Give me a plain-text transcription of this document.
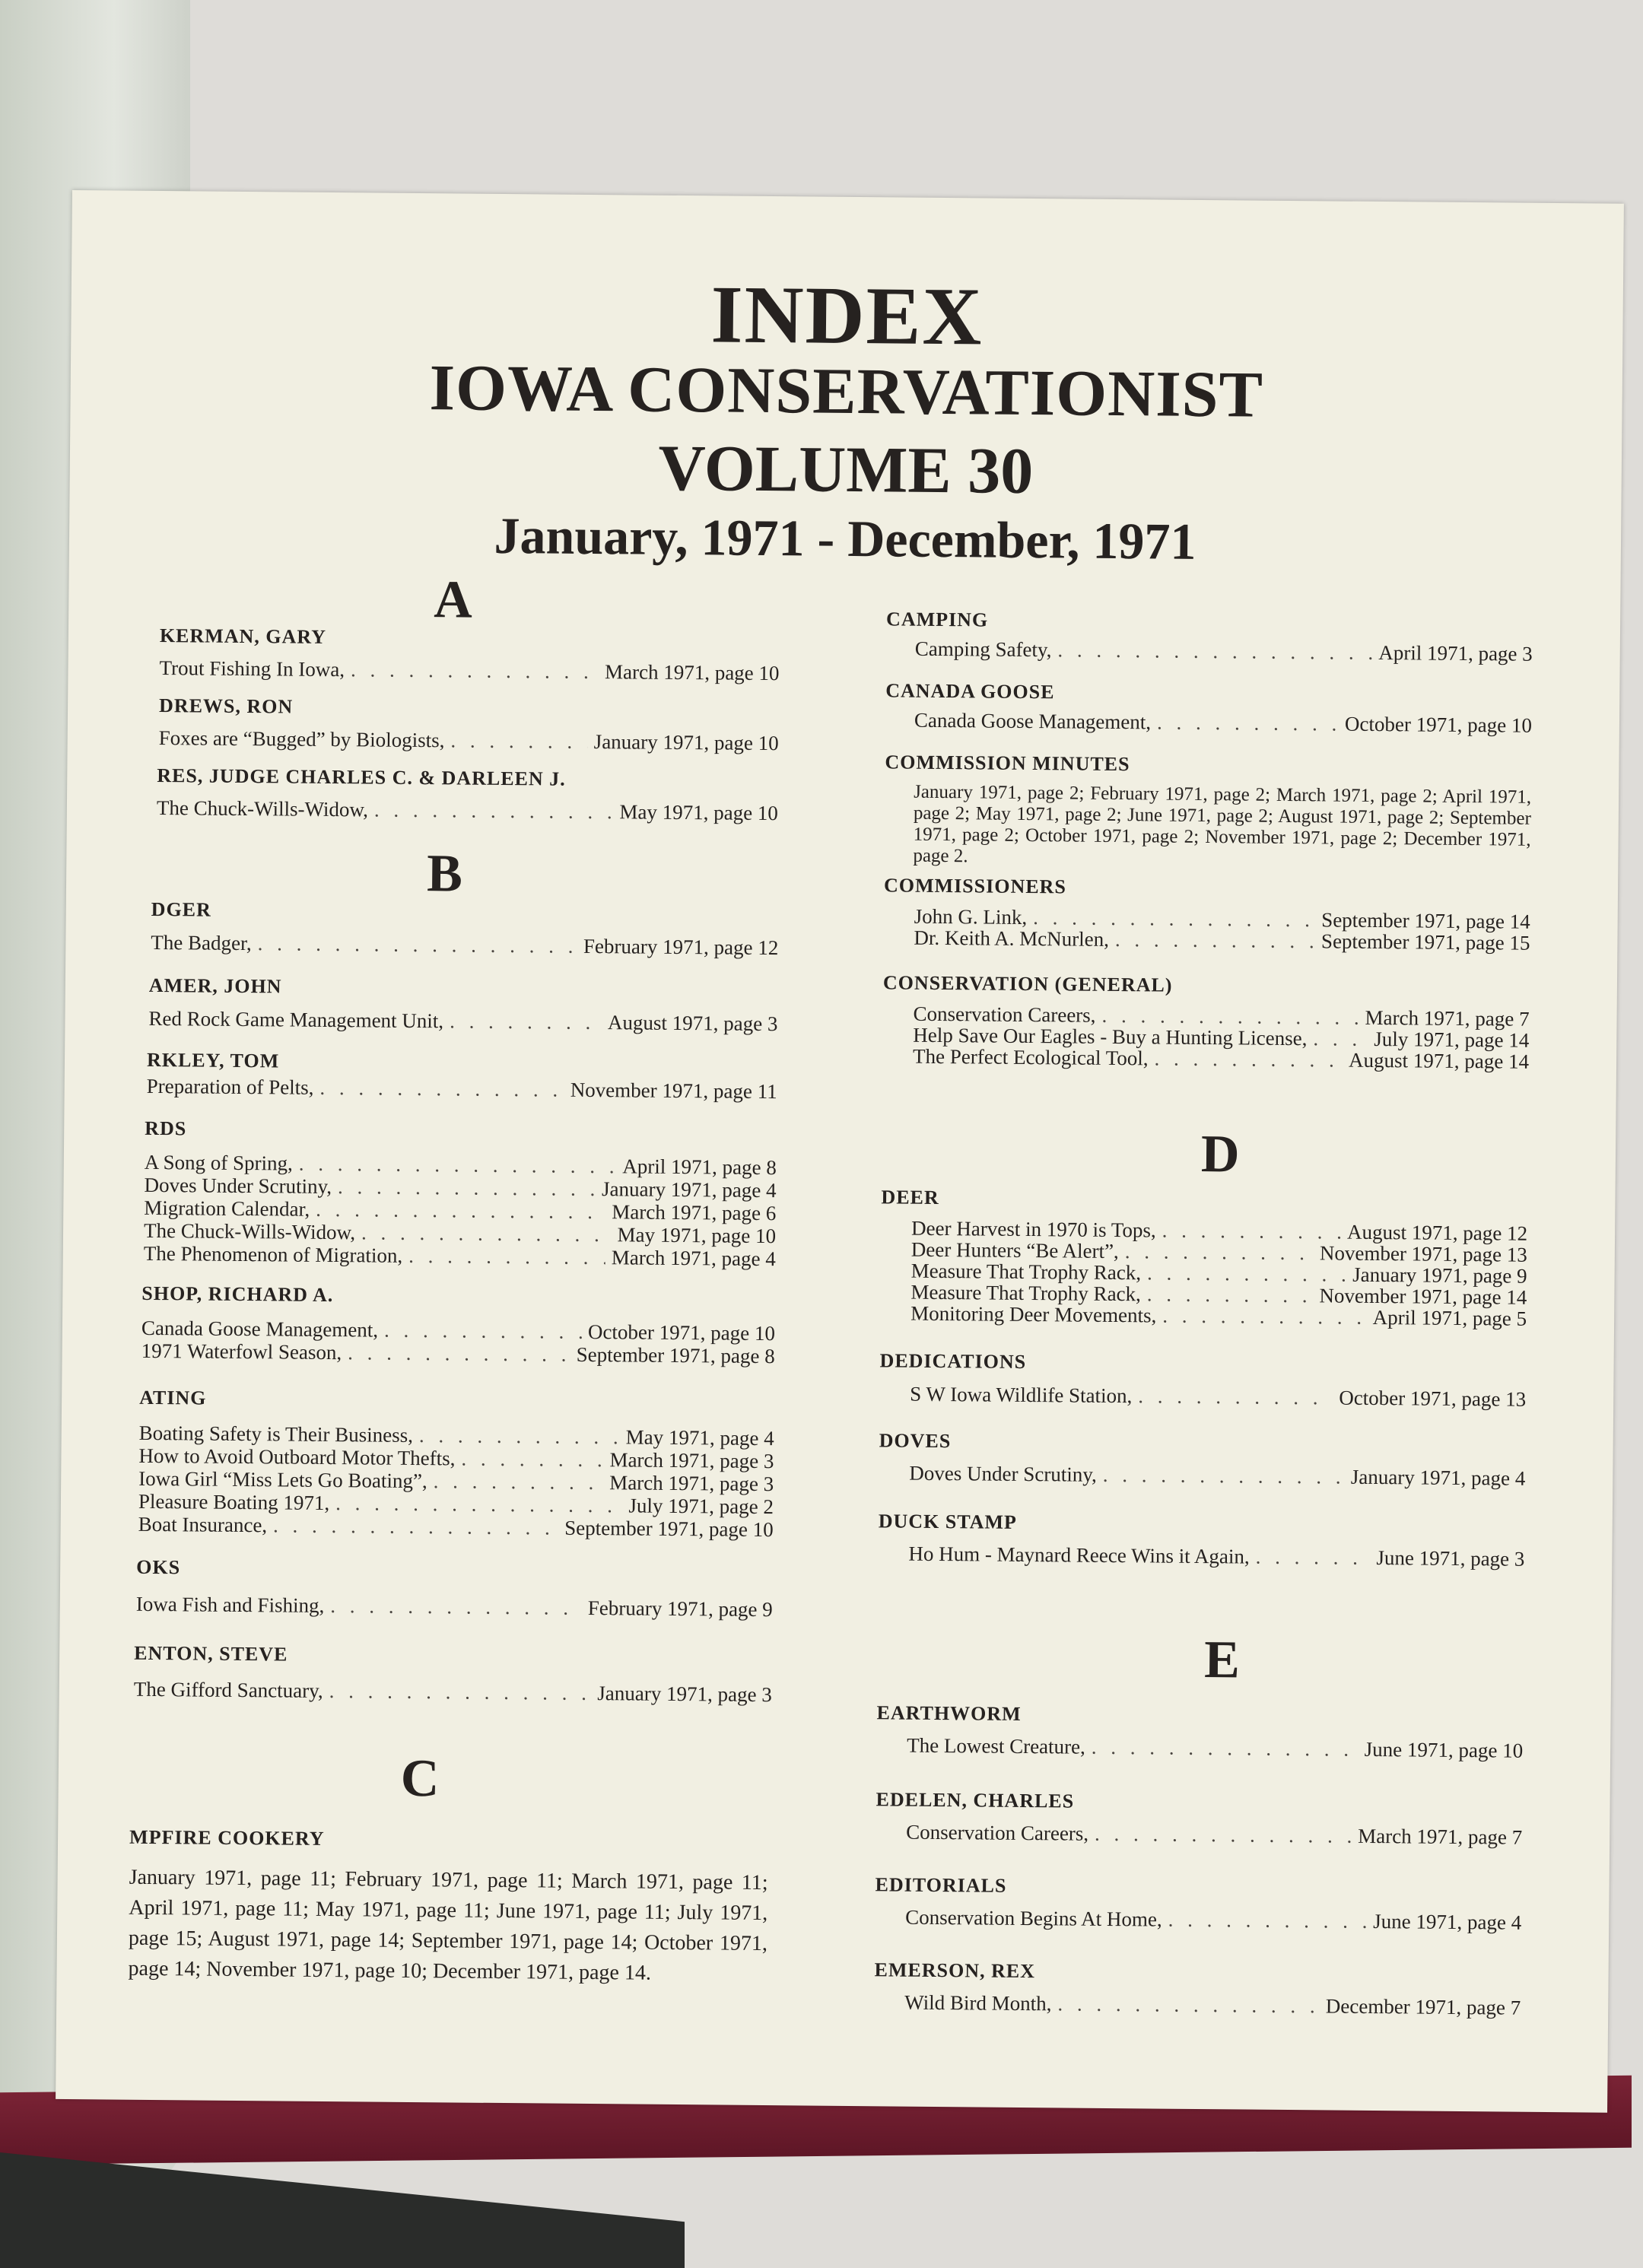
INDEX
IOWA CONSERVATIONIST
VOLUME 30
January, 1971 - December, 1971
A
KERMAN, GARY
Trout Fishing In Iowa, . . .	March 1971, page 10
DREWS, RON
Foxes are “Bugged” by Biologists, . . .	January 1971, page 10
RES, JUDGE CHARLES C. & DARLEEN J.
The Chuck-Wills-Widow, . . .	May 1971, page 10
B
DGER
The Badger, . . .	February 1971, page 12
AMER, JOHN
Red Rock Game Management Unit, . . .	August 1971, page 3
RKLEY, TOM
Preparation of Pelts, . . .	November 1971, page 11
RDS
A Song of Spring, . . .	April 1971, page 8
Doves Under Scrutiny, . . .	January 1971, page 4
Migration Calendar, . . .	March 1971, page 6
The Chuck-Wills-Widow, . . .	May 1971, page 10
The Phenomenon of Migration, . . .	March 1971, page 4
SHOP, RICHARD A.
Canada Goose Management, . . .	October 1971, page 10
1971 Waterfowl Season, . . .	September 1971, page 8
ATING
Boating Safety is Their Business, . . .	May 1971, page 4
How to Avoid Outboard Motor Thefts, . . .	March 1971, page 3
Iowa Girl “Miss Lets Go Boating”, . . .	March 1971, page 3
Pleasure Boating 1971, . . .	July 1971, page 2
Boat Insurance, . . .	September 1971, page 10
OKS
Iowa Fish and Fishing, . . .	February 1971, page 9
ENTON, STEVE
The Gifford Sanctuary, . . .	January 1971, page 3
C
MPFIRE COOKERY
January 1971, page 11; February 1971, page 11; March 1971, page 11; April 1971, page 11; May 1971, page 11; June 1971, page 11; July 1971, page 15; August 1971, page 14; September 1971, page 14; October 1971, page 14; November 1971, page 10; December 1971, page 14.
CAMPING
Camping Safety, . . .	April 1971, page 3
CANADA GOOSE
Canada Goose Management, . . .	October 1971, page 10
COMMISSION MINUTES
January 1971, page 2; February 1971, page 2; March 1971, page 2; April 1971, page 2; May 1971, page 2; June 1971, page 2; August 1971, page 2; September 1971, page 2; October 1971, page 2; November 1971, page 2; December 1971, page 2.
COMMISSIONERS
John G. Link, . . .	September 1971, page 14
Dr. Keith A. McNurlen, . . .	September 1971, page 15
CONSERVATION (GENERAL)
Conservation Careers, . . .	March 1971, page 7
Help Save Our Eagles - Buy a Hunting License, . . .	July 1971, page 14
The Perfect Ecological Tool, . . .	August 1971, page 14
D
DEER
Deer Harvest in 1970 is Tops, . . .	August 1971, page 12
Deer Hunters “Be Alert”, . . .	November 1971, page 13
Measure That Trophy Rack, . . .	January 1971, page 9
Measure That Trophy Rack, . . .	November 1971, page 14
Monitoring Deer Movements, . . .	April 1971, page 5
DEDICATIONS
S W Iowa Wildlife Station, . . .	October 1971, page 13
DOVES
Doves Under Scrutiny, . . .	January 1971, page 4
DUCK STAMP
Ho Hum - Maynard Reece Wins it Again, . . .	June 1971, page 3
E
EARTHWORM
The Lowest Creature, . . .	June 1971, page 10
EDELEN, CHARLES
Conservation Careers, . . .	March 1971, page 7
EDITORIALS
Conservation Begins At Home, . . .	June 1971, page 4
EMERSON, REX
Wild Bird Month, . . .	December 1971, page 7
